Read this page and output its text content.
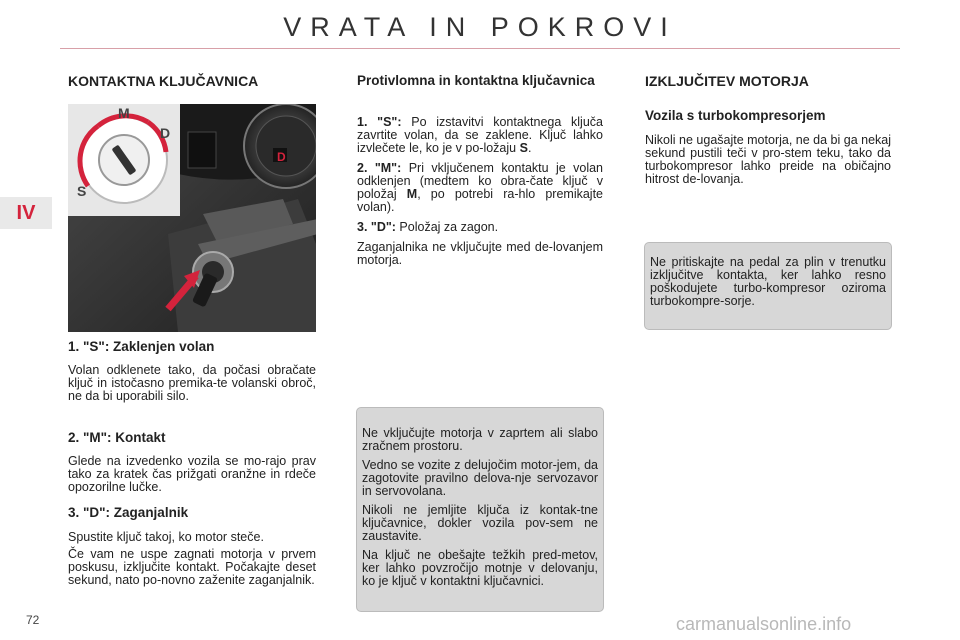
VRATA IN POKROVI
IV
KONTAKTNA KLJUČAVNICA
D
S
M
D
1. "S": Zaklenjen volan

Volan odklenete tako, da počasi obračate ključ in istočasno premika-te volanski obroč, ne da bi uporabili silo.

2. "M": Kontakt

Glede na izvedenko vozila se mo-rajo prav tako za kratek čas prižgati oranžne in rdeče opozorilne lučke.

3. "D": Zaganjalnik

Spustite ključ takoj, ko motor steče.

Če vam ne uspe zagnati motorja v prvem poskusu, izključite kontakt. Počakajte deset sekund, nato po-novno zaženite zaganjalnik.

Protivlomna in kontaktna ključavnica

1. "S": Po izstavitvi kontaktnega ključa zavrtite volan, da se zaklene. Ključ lahko izvlečete le, ko je v po-ložaju S.

2. "M": Pri vključenem kontaktu je volan odklenjen (medtem ko obra-čate ključ v položaj M, po potrebi ra-hlo premikajte volan).

3. "D": Položaj za zagon.

Zaganjalnika ne vključujte med de-lovanjem motorja.

Ne vključujte motorja v zaprtem ali slabo zračnem prostoru.

Vedno se vozite z delujočim motor-jem, da zagotovite pravilno delova-nje servozavor in servovolana.

Nikoli ne jemljite ključa iz kontak-tne ključavnice, dokler vozila pov-sem ne zaustavite.

Na ključ ne obešajte težkih pred-metov, ker lahko povzročijo motnje v delovanju, ko je ključ v kontaktni ključavnici.

IZKLJUČITEV MOTORJA
Vozila s turbokompresorjem

Nikoli ne ugašajte motorja, ne da bi ga nekaj sekund pustili teči v pro-stem teku, tako da turbokompresor lahko preide na običajno hitrost de-lovanja.

Ne pritiskajte na pedal za plin v trenutku izključitve kontakta, ker lahko resno poškodujete turbo-kompresor oziroma turbokompre-sorje.

72	carmanualsonline.info
